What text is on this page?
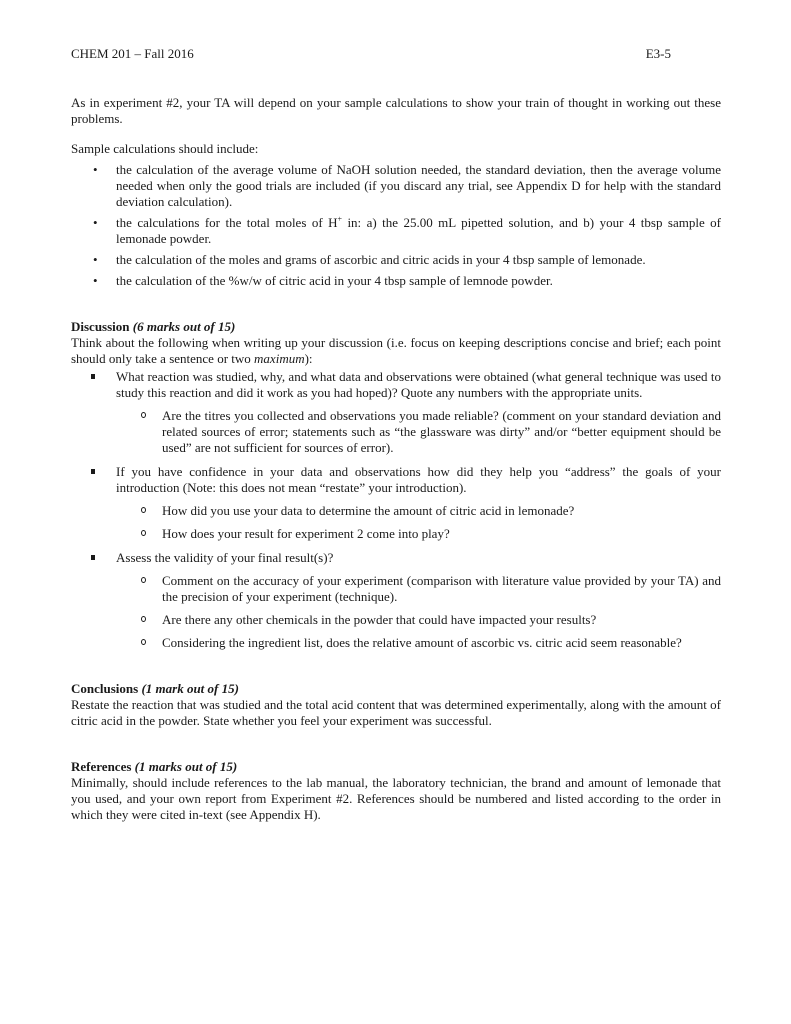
CHEM 201 – Fall 2016	E3-5

As in experiment #2, your TA will depend on your sample calculations to show your train of thought in working out these problems.

Sample calculations should include:

• the calculation of the average volume of NaOH solution needed, the standard deviation, then the average volume needed when only the good trials are included (if you discard any trial, see Appendix D for help with the standard deviation calculation).
• the calculations for the total moles of H+ in: a) the 25.00 mL pipetted solution, and b) your 4 tbsp sample of lemonade powder.
• the calculation of the moles and grams of ascorbic and citric acids in your 4 tbsp sample of lemonade.
• the calculation of the %w/w of citric acid in your 4 tbsp sample of lemnode powder.

Discussion (6 marks out of 15)

Think about the following when writing up your discussion (i.e. focus on keeping descriptions concise and brief; each point should only take a sentence or two maximum):

What reaction was studied, why, and what data and observations were obtained (what general technique was used to study this reaction and did it work as you had hoped)? Quote any numbers with the appropriate units.
Are the titres you collected and observations you made reliable? (comment on your standard deviation and related sources of error; statements such as “the glassware was dirty” and/or “better equipment should be used” are not sufficient for sources of error).
If you have confidence in your data and observations how did they help you “address” the goals of your introduction (Note: this does not mean “restate” your introduction).
How did you use your data to determine the amount of citric acid in lemonade?
How does your result for experiment 2 come into play?
Assess the validity of your final result(s)?
Comment on the accuracy of your experiment (comparison with literature value provided by your TA) and the precision of your experiment (technique).
Are there any other chemicals in the powder that could have impacted your results?
Considering the ingredient list, does the relative amount of ascorbic vs. citric acid seem reasonable?

Conclusions (1 mark out of 15)

Restate the reaction that was studied and the total acid content that was determined experimentally, along with the amount of citric acid in the powder. State whether you feel your experiment was successful.

References (1 marks out of 15)

Minimally, should include references to the lab manual, the laboratory technician, the brand and amount of lemonade that you used, and your own report from Experiment #2. References should be numbered and listed according to the order in which they were cited in-text (see Appendix H).
